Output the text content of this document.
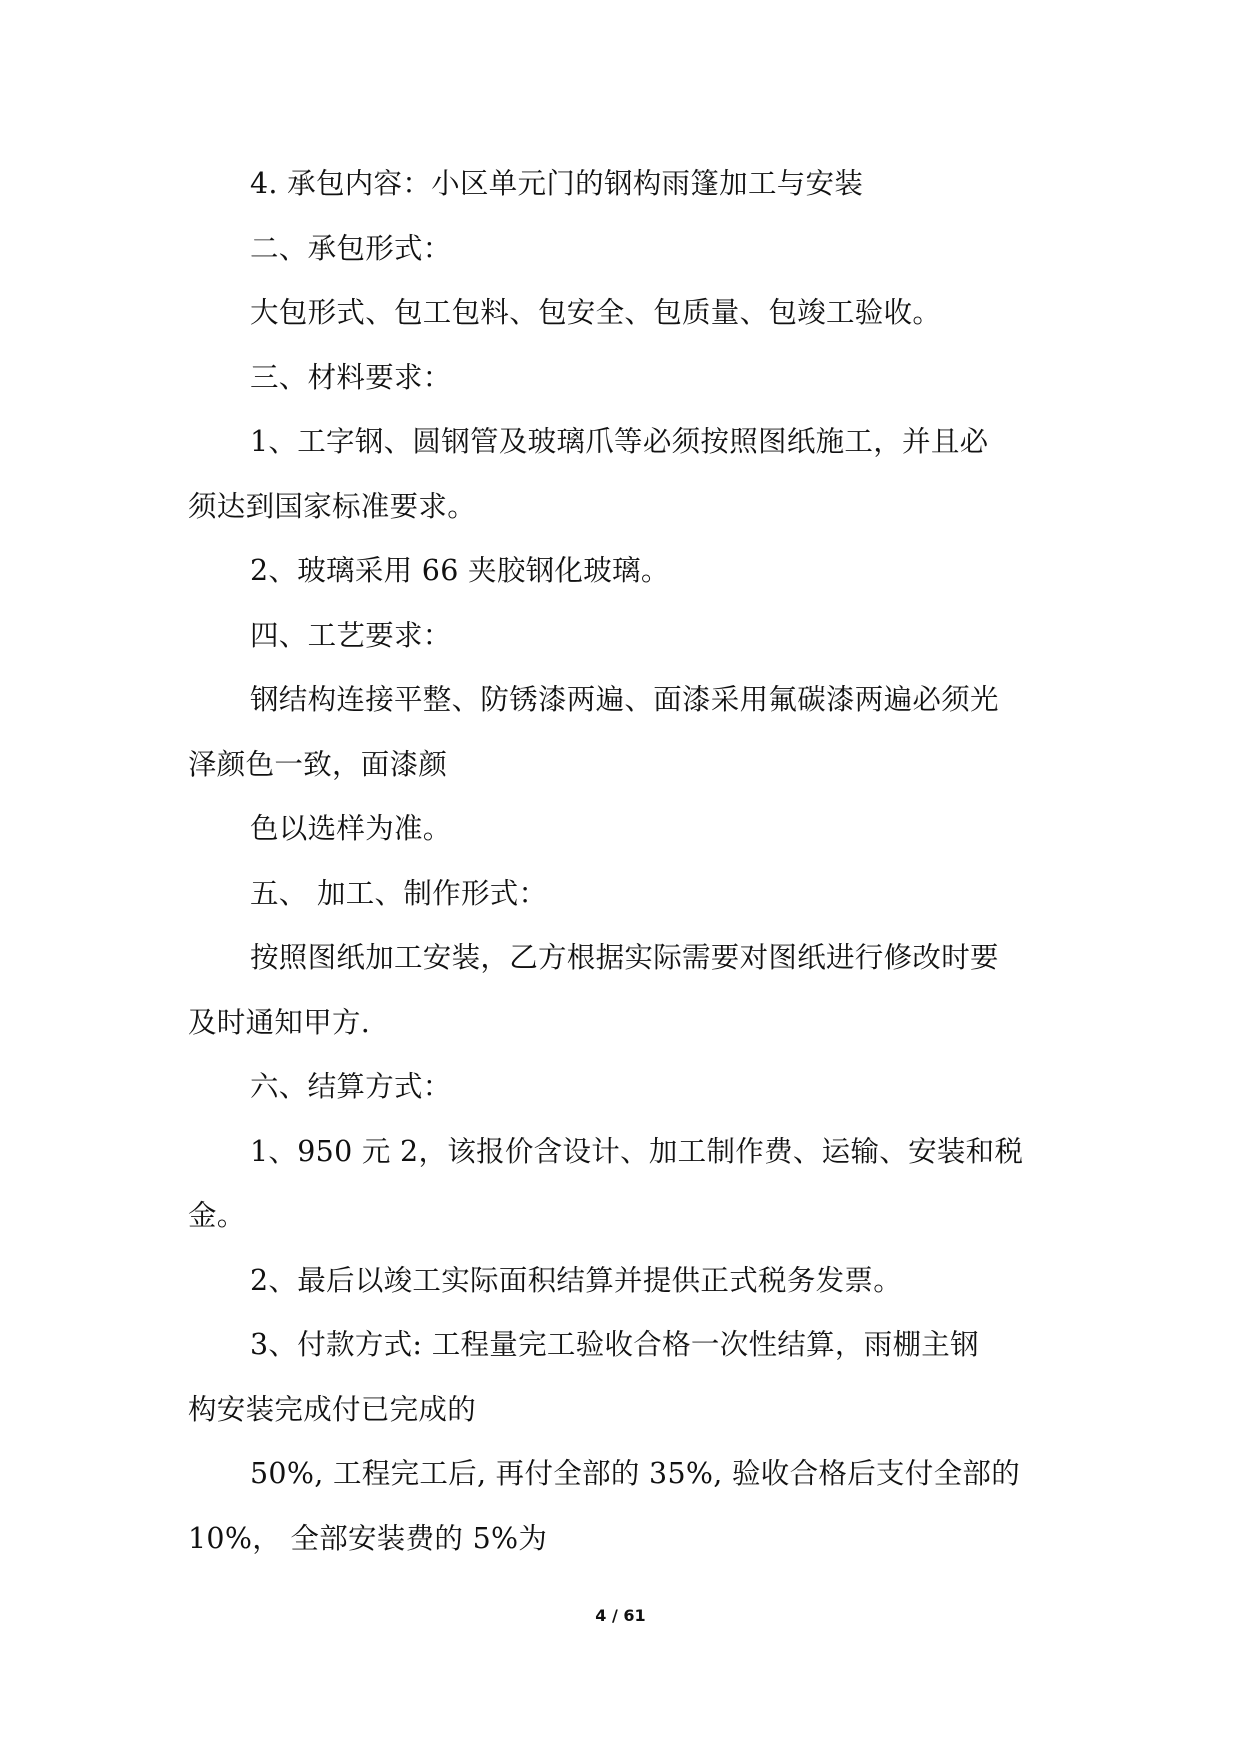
4. 承包内容：小区单元门的钢构雨篷加工与安装
二、承包形式：
大包形式、包工包料、包安全、包质量、包竣工验收。
三、材料要求：
1、工字钢、圆钢管及玻璃爪等必须按照图纸施工，并且必
须达到国家标准要求。
2、玻璃采用 66 夹胶钢化玻璃。
四、工艺要求：
钢结构连接平整、防锈漆两遍、面漆采用氟碳漆两遍必须光
泽颜色一致，面漆颜
色以选样为准。
五、 加工、制作形式：
按照图纸加工安装，乙方根据实际需要对图纸进行修改时要
及时通知甲方.
六、结算方式：
1、950 元 2，该报价含设计、加工制作费、运输、安装和税
金。
2、最后以竣工实际面积结算并提供正式税务发票。
3、付款方式: 工程量完工验收合格一次性结算，雨棚主钢
构安装完成付已完成的
50%, 工程完工后, 再付全部的 35%, 验收合格后支付全部的
10%， 全部安装费的 5%为
4 / 61
